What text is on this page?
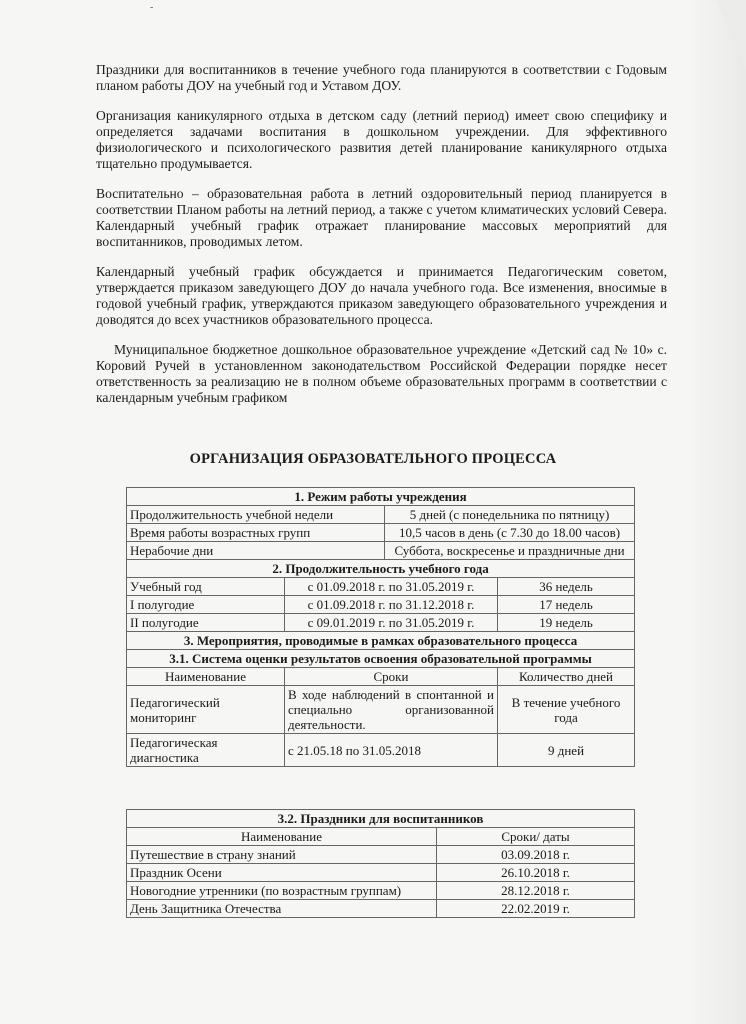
-

Праздники для воспитанников в течение учебного года планируются в соответствии с Годовым планом работы ДОУ на учебный год и Уставом ДОУ.

Организация каникулярного отдыха в детском саду (летний период) имеет свою специфику и определяется задачами воспитания в дошкольном учреждении. Для эффективного физиологического и психологического развития детей планирование каникулярного отдыха тщательно продумывается.

Воспитательно – образовательная работа в летний оздоровительный период планируется в соответствии Планом работы на летний период, а также с учетом климатических условий Севера. Календарный учебный график отражает планирование массовых мероприятий для воспитанников, проводимых летом.

Календарный учебный график обсуждается и принимается Педагогическим советом, утверждается приказом заведующего ДОУ до начала учебного года. Все изменения, вносимые в годовой учебный график, утверждаются приказом заведующего образовательного учреждения и доводятся до всех участников образовательного процесса.

Муниципальное бюджетное дошкольное образовательное учреждение «Детский сад № 10» с. Коровий Ручей в установленном законодательством Российской Федерации порядке несет ответственность за реализацию не в полном объеме образовательных программ в соответствии с календарным учебным графиком

ОРГАНИЗАЦИЯ ОБРАЗОВАТЕЛЬНОГО ПРОЦЕССА
1. Режим работы учреждения			
Продолжительность учебной недели		5 дней (с понедельника по пятницу)	
Время работы возрастных групп		10,5 часов в день (с 7.30 до 18.00 часов)	
Нерабочие дни		Суббота, воскресенье и праздничные дни	
2. Продолжительность учебного года			
Учебный год	с 01.09.2018 г. по 31.05.2019 г.		36 недель
I полугодие	с 01.09.2018 г. по 31.12.2018 г.		17 недель
II полугодие	с 09.01.2019 г. по 31.05.2019 г.		19 недель
3. Мероприятия, проводимые в рамках образовательного процесса			
3.1. Система оценки результатов освоения образовательной программы			
Наименование	Сроки		Количество дней
Педагогический мониторинг	В ходе наблюдений в спонтанной и специально организованной деятельности.		В течение учебного года
Педагогическая диагностика	с 21.05.18 по 31.05.2018		9 дней
3.2. Праздники для воспитанников	
Наименование	Сроки/ даты
Путешествие в страну знаний	03.09.2018 г.
Праздник Осени	26.10.2018 г.
Новогодние утренники (по возрастным группам)	28.12.2018 г.
День Защитника Отечества	22.02.2019 г.
